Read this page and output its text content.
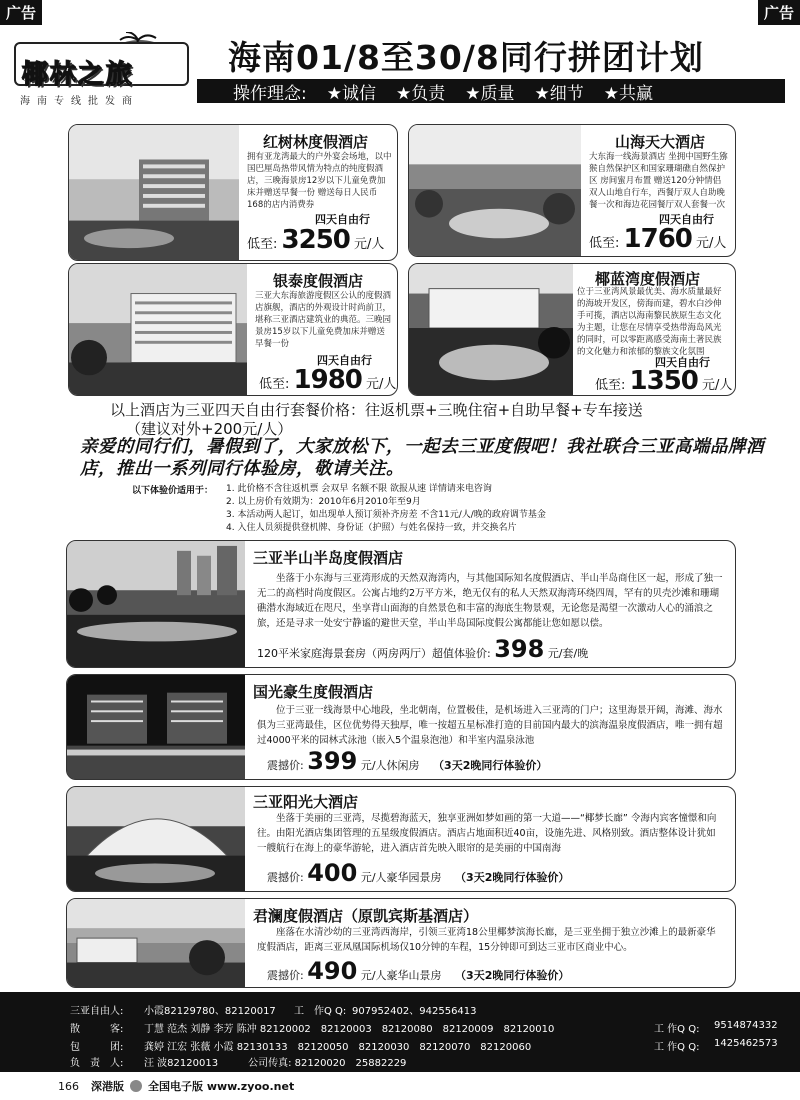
广告	广告
椰林之旅
海南专线批发商
海南01/8至30/8同行拼团计划
操作理念: ★诚信 ★负责 ★质量 ★细节 ★共赢
红树林度假酒店
拥有亚龙湾最大的户外宴会场地，以中国巴厘岛热带风情为特点的纯度假酒店，三晚海景房12岁以下儿童免费加床并赠送早餐一份 赠送每日人民币168的店内消费券
四天自由行
低至: 3250 元/人
山海天大酒店
大东海一线海景酒店 坐拥中国野生猕猴自然保护区和国家珊瑚礁自然保护区 房间蜜月布置 赠送120分钟情侣双人山地自行车，西餐厅双人自助晚餐一次和海边花园餐厅双人套餐一次
四天自由行
低至: 1760 元/人
银泰度假酒店
三亚大东海旅游度假区公认的度假酒店旗舰，酒店的外观设计时尚前卫，堪称三亚酒店建筑业的典范。三晚园景房15岁以下儿童免费加床并赠送早餐一份
四天自由行
低至: 1980 元/人
椰蓝湾度假酒店
位于三亚湾风景最优美、海水质量最好的海坡开发区，傍海而建，碧水白沙伸手可揽，酒店以海南黎民族原生态文化为主题，让您在尽情享受热带海岛风光的同时，可以零距离感受海南土著民族的文化魅力和浓郁的黎族文化氛围
四天自由行
低至: 1350 元/人
以上酒店为三亚四天自由行套餐价格：往返机票+三晚住宿+自助早餐+专车接送
（建议对外+200元/人）
亲爱的同行们，暑假到了，大家放松下，一起去三亚度假吧！我社联合三亚高端品牌酒店，推出一系列同行体验房，敬请关注。
以下体验价适用于： 1. 此价格不含往返机票 会双早 名额不限 欲报从速 详情请来电咨询
2. 以上房价有效期为：2010年6月2010年至9月
3. 本活动两人起订，如出现单人预订须补齐房差 不含11元/人/晚的政府调节基金
4. 入住人员须提供登机牌、身份证（护照）与姓名保持一致，并交换名片
三亚半山半岛度假酒店
坐落于小东海与三亚湾形成的天然双海湾内，与其他国际知名度假酒店、半山半岛商住区一起，形成了独一无二的高档时尚度假区。公寓占地约2万平方米，绝无仅有的私人天然双海湾环绕四周，罕有的贝壳沙滩和珊瑚礁潜水海域近在咫尺，坐享背山面海的自然景色和丰富的海底生物景观，无论您是渴望一次激动人心的涌浪之旅，还是寻求一处安宁静谧的避世天堂，半山半岛国际度假公寓都能让您如愿以偿。
120平米家庭海景套房（两房两厅）超值体验价: 398 元/套/晚
国光豪生度假酒店
位于三亚一线海景中心地段，坐北朝南，位置极佳，是机场进入三亚湾的门户；这里海景开阔，海滩、海水俱为三亚湾最佳，区位优势得天独厚，唯一按超五星标准打造的目前国内最大的滨海温泉度假酒店，唯一拥有超过4000平米的园林式泳池（嵌入5个温泉泡池）和半室内温泉泳池
震撼价: 399 元/人休闲房 （3天2晚同行体验价）
三亚阳光大酒店
坐落于美丽的三亚湾，尽揽碧海蓝天，独享亚洲如梦如画的第一大道——“椰梦长廊” 令海内宾客憧憬和向往。由阳光酒店集团管理的五星级度假酒店。酒店占地面积近40亩，设施先进、风格别致。酒店整体设计犹如一艘航行在海上的豪华游轮，进入酒店首先映入眼帘的是美丽的中国南海
震撼价: 400 元/人豪华园景房 （3天2晚同行体验价）
君澜度假酒店（原凯宾斯基酒店）
座落在水清沙幼的三亚湾西海岸，引领三亚湾18公里椰梦滨海长廊，是三亚坐拥于独立沙滩上的最新豪华度假酒店，距离三亚凤凰国际机场仅10分钟的车程，15分钟即可到达三亚市区商业中心。
震撼价: 490 元/人豪华山景房 （3天2晚同行体验价）
三亚自由人:	小霞82129780、82120017	工　作Q Q: 907952402、942556413
散　　　客:	丁慧 范杰 刘静 李芳 陈冲 82120002　82120003　82120080　82120009　82120010	工 作Q Q:	9514874332
包　　　团:	龚婷 江宏 张薇 小霞 82130133　82120050　82120030　82120070　82120060	工 作Q Q:	1425462573
负　责　人:	汪 波82120013　　　公司传真: 82120020　25882229
166 深港版 全国电子版 www.zyoo.net
